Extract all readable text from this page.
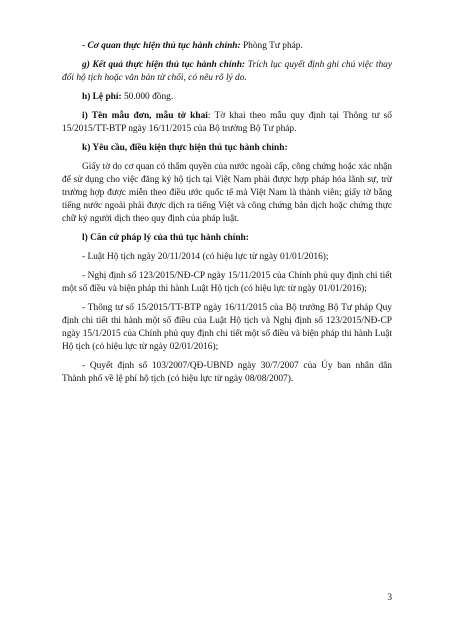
- Cơ quan thực hiện thủ tục hành chính: Phòng Tư pháp.

g) Kết quả thực hiện thủ tục hành chính: Trích lục quyết định ghi chú việc thay đổi hộ tịch hoặc văn bản từ chối, có nêu rõ lý do.

h) Lệ phí: 50.000 đồng.

i) Tên mẫu đơn, mẫu tờ khai: Tờ khai theo mẫu quy định tại Thông tư số 15/2015/TT-BTP ngày 16/11/2015 của Bộ trưởng Bộ Tư pháp.

k) Yêu cầu, điều kiện thực hiện thủ tục hành chính:

Giấy tờ do cơ quan có thẩm quyền của nước ngoài cấp, công chứng hoặc xác nhận để sử dụng cho việc đăng ký hộ tịch tại Việt Nam phải được hợp pháp hóa lãnh sự, trừ trường hợp được miễn theo điều ước quốc tế mà Việt Nam là thành viên; giấy tờ bằng tiếng nước ngoài phải được dịch ra tiếng Việt và công chứng bản dịch hoặc chứng thực chữ ký người dịch theo quy định của pháp luật.

l) Căn cứ pháp lý của thủ tục hành chính:

- Luật Hộ tịch ngày 20/11/2014 (có hiệu lực từ ngày 01/01/2016);

- Nghị định số 123/2015/NĐ-CP ngày 15/11/2015 của Chính phủ quy định chi tiết một số điều và biện pháp thi hành Luật Hộ tịch (có hiệu lực từ ngày 01/01/2016);

- Thông tư số 15/2015/TT-BTP ngày 16/11/2015 của Bộ trưởng Bộ Tư pháp Quy định chi tiết thi hành một số điều của Luật Hộ tịch và Nghị định số 123/2015/NĐ-CP ngày 15/1/2015 của Chính phủ quy định chi tiết một số điều và biện pháp thi hành Luật Hộ tịch (có hiệu lực từ ngày 02/01/2016);

- Quyết định số 103/2007/QĐ-UBND ngày 30/7/2007 của Ủy ban nhân dân Thành phố về lệ phí hộ tịch (có hiệu lực từ ngày 08/08/2007).

3
